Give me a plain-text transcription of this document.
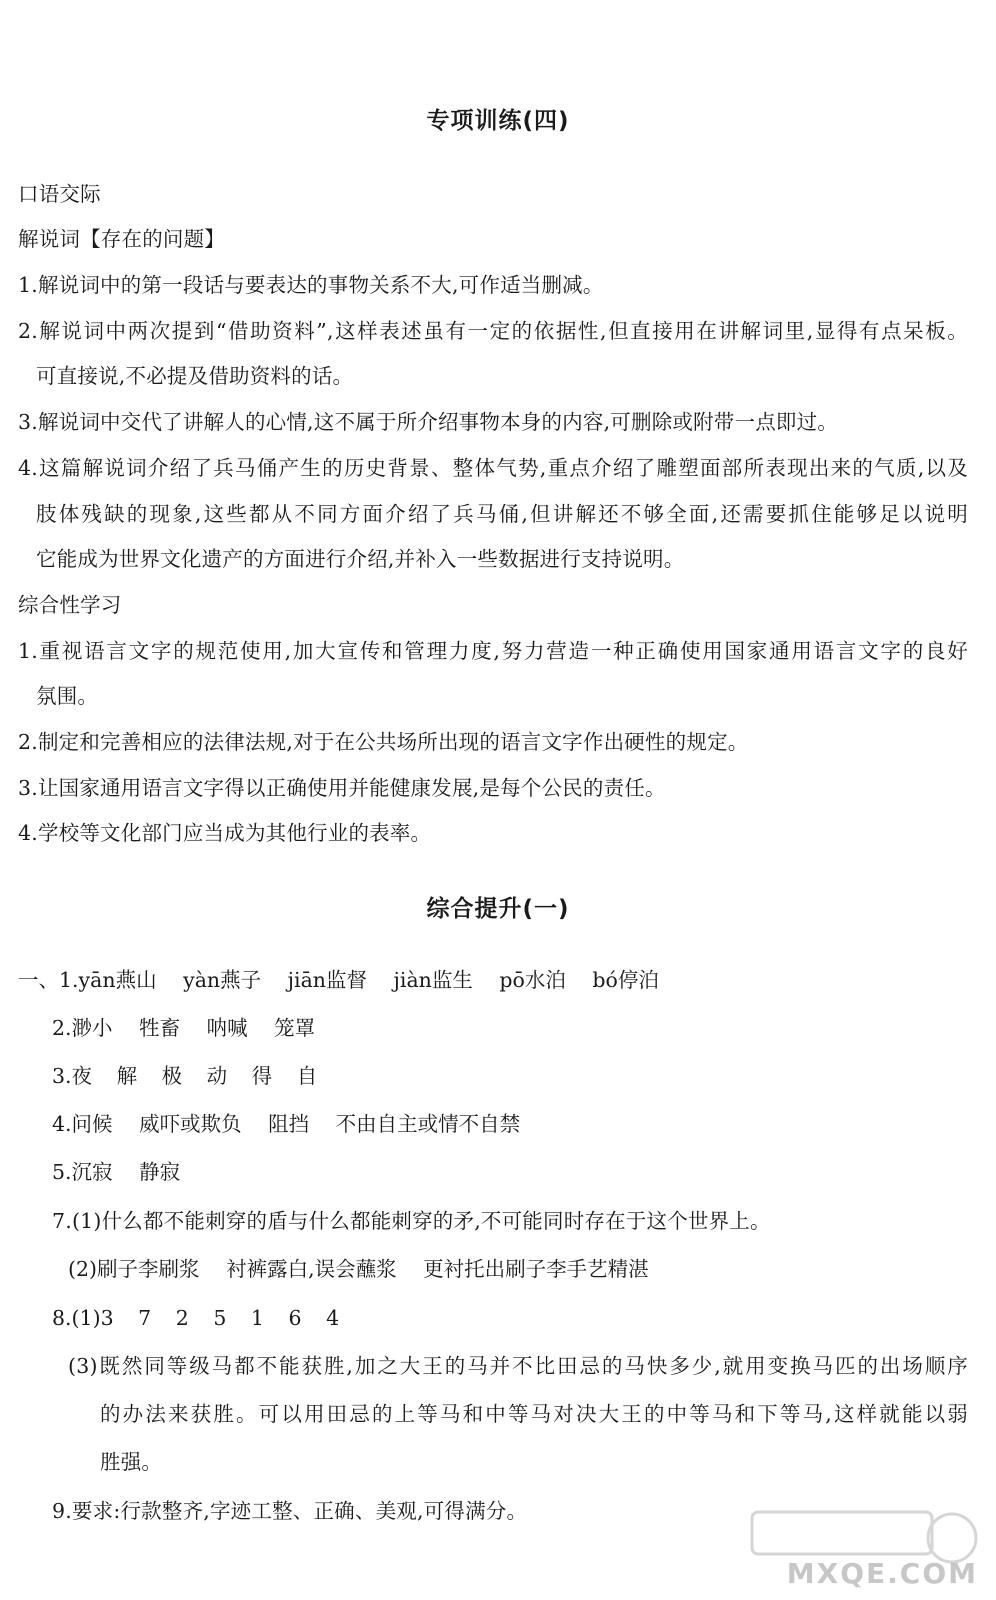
专项训练(四)
口语交际
解说词【存在的问题】
1.解说词中的第一段话与要表达的事物关系不大,可作适当删减。
2.解说词中两次提到“借助资料”,这样表述虽有一定的依据性,但直接用在讲解词里,显得有点呆板。
可直接说,不必提及借助资料的话。
3.解说词中交代了讲解人的心情,这不属于所介绍事物本身的内容,可删除或附带一点即过。
4.这篇解说词介绍了兵马俑产生的历史背景、整体气势,重点介绍了雕塑面部所表现出来的气质,以及
肢体残缺的现象,这些都从不同方面介绍了兵马俑,但讲解还不够全面,还需要抓住能够足以说明
它能成为世界文化遗产的方面进行介绍,并补入一些数据进行支持说明。
综合性学习
1.重视语言文字的规范使用,加大宣传和管理力度,努力营造一种正确使用国家通用语言文字的良好
氛围。
2.制定和完善相应的法律法规,对于在公共场所出现的语言文字作出硬性的规定。
3.让国家通用语言文字得以正确使用并能健康发展,是每个公民的责任。
4.学校等文化部门应当成为其他行业的表率。
综合提升(一)
一、1.yān燕山 yàn燕子 jiān监督 jiàn监生 pō水泊 bó停泊
2.渺小 牲畜 呐喊 笼罩
3.夜 解 极 动 得 自
4.问候 威吓或欺负 阻挡 不由自主或情不自禁
5.沉寂 静寂
7.(1)什么都不能刺穿的盾与什么都能刺穿的矛,不可能同时存在于这个世界上。
(2)刷子李刷浆 衬裤露白,误会蘸浆 更衬托出刷子李手艺精湛
8.(1)3 7 2 5 1 6 4
(3)既然同等级马都不能获胜,加之大王的马并不比田忌的马快多少,就用变换马匹的出场顺序
的办法来获胜。可以用田忌的上等马和中等马对决大王的中等马和下等马,这样就能以弱
胜强。
9.要求:行款整齐,字迹工整、正确、美观,可得满分。
MXQE.COM
